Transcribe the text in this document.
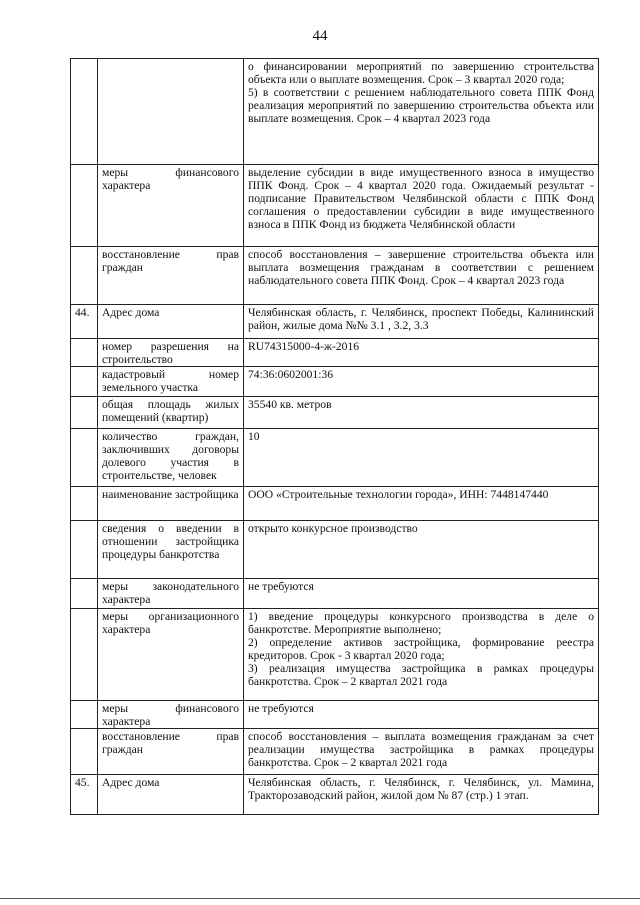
44

		о финансировании мероприятий по завершению строительства объекта или о выплате возмещения. Срок – 3 квартал 2020 года;
5) в соответствии с решением наблюдательного совета ППК Фонд реализация мероприятий по завершению строительства объекта или выплате возмещения. Срок – 4 квартал 2023 года

	меры финансового характера	выделение субсидии в виде имущественного взноса в имущество ППК Фонд. Срок – 4 квартал 2020 года. Ожидаемый результат - подписание Правительством Челябинской области с ППК Фонд соглашения о предоставлении субсидии в виде имущественного взноса в ППК Фонд из бюджета Челябинской области

	восстановление прав граждан	способ восстановления – завершение строительства объекта или выплата возмещения гражданам в соответствии с решением наблюдательного совета ППК Фонд. Срок – 4 квартал 2023 года

44.	Адрес дома	Челябинская область, г. Челябинск, проспект Победы, Калининский район, жилые дома №№ 3.1 , 3.2, 3.3

	номер разрешения на строительство	RU74315000-4-ж-2016

	кадастровый номер земельного участка	74:36:0602001:36

	общая площадь жилых помещений (квартир)	35540 кв. метров

	количество граждан, заключивших договоры долевого участия в строительстве, человек	10

	наименование застройщика	ООО «Строительные технологии города», ИНН: 7448147440

	сведения о введении в отношении застройщика процедуры банкротства	открыто конкурсное производство

	меры законодательного характера	не требуются

	меры организационного характера	1) введение процедуры конкурсного производства в деле о банкротстве. Мероприятие выполнено;
2) определение активов застройщика, формирование реестра кредиторов. Срок - 3 квартал 2020 года;
3) реализация имущества застройщика в рамках процедуры банкротства. Срок – 2 квартал 2021 года

	меры финансового характера	не требуются

	восстановление прав граждан	способ восстановления – выплата возмещения гражданам за счет реализации имущества застройщика в рамках процедуры банкротства. Срок – 2 квартал 2021 года

45.	Адрес дома	Челябинская область, г. Челябинск, г. Челябинск, ул. Мамина, Тракторозаводский район, жилой дом № 87 (стр.) 1 этап.
